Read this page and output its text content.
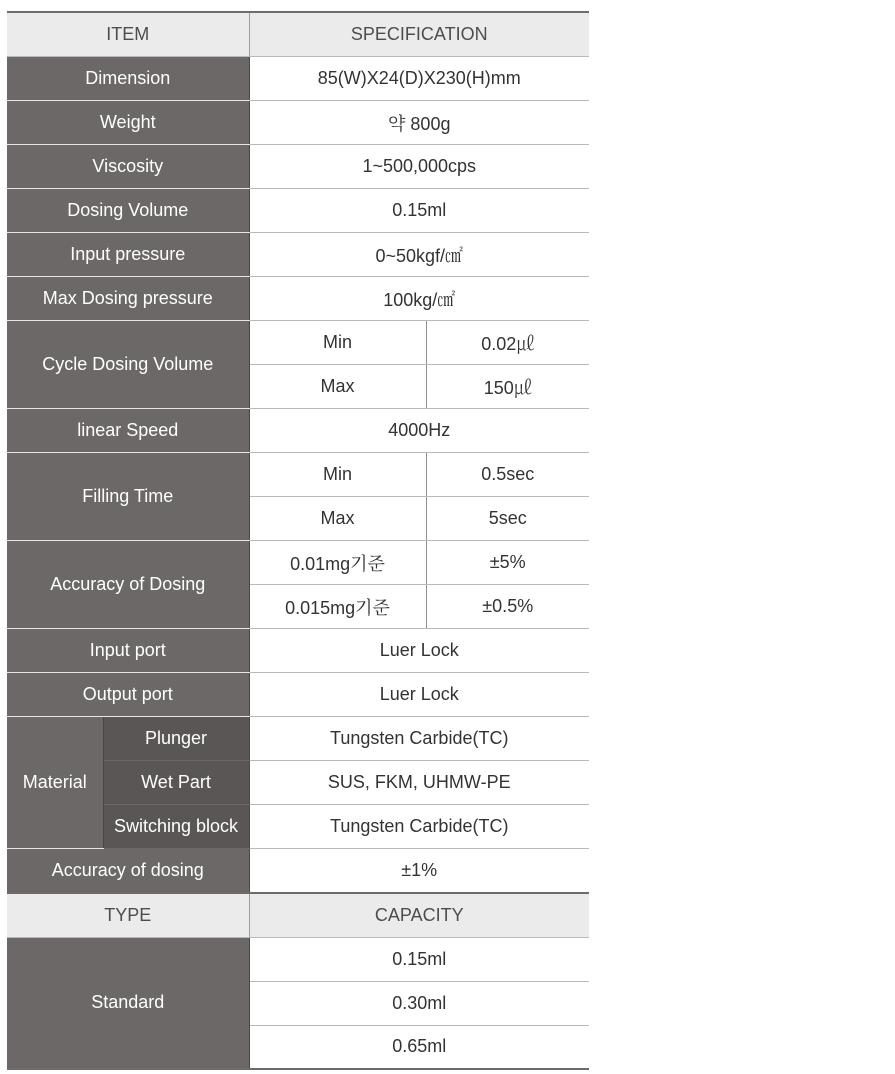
ITEM		SPECIFICATION	
Dimension		85(W)X24(D)X230(H)mm	
Weight		약 800g	
Viscosity		1~500,000cps	
Dosing Volume		0.15ml	
Input pressure		0~50kgf/㎠	
Max Dosing pressure		100kg/㎠	
Cycle Dosing Volume		Min	0.02㎕
		Max	150㎕
linear Speed		4000Hz	
Filling Time		Min	0.5sec
		Max	5sec
Accuracy of Dosing		0.01mg기준	±5%
		0.015mg기준	±0.5%
Input port		Luer Lock	
Output port		Luer Lock	
Material	Plunger	Tungsten Carbide(TC)	
	Wet Part	SUS, FKM, UHMW-PE	
	Switching block	Tungsten Carbide(TC)	
Accuracy of dosing		±1%	
TYPE		CAPACITY	
Standard		0.15ml	
		0.30ml	
		0.65ml	
